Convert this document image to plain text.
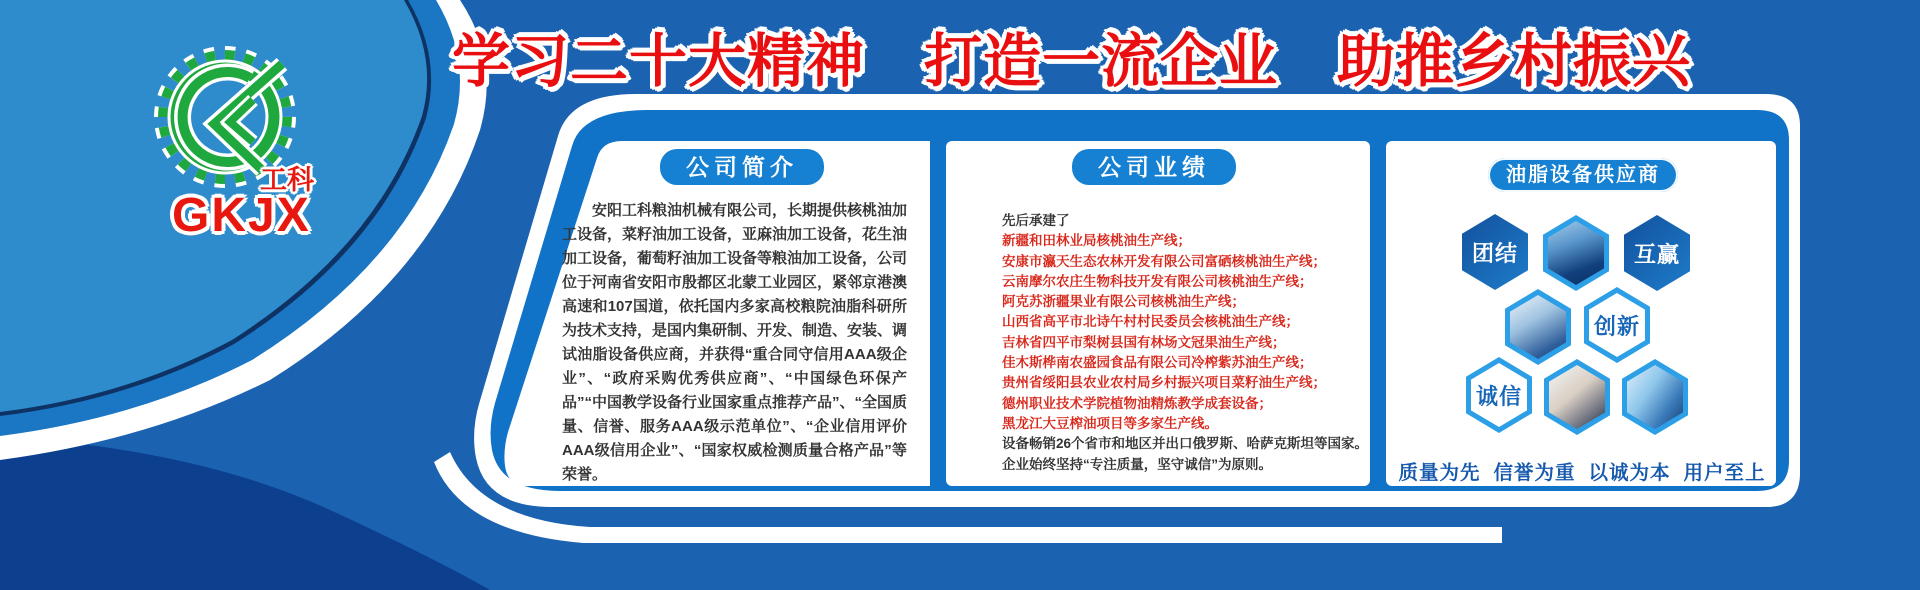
工科
GKJX
学习二十大精神　打造一流企业　助推乡村振兴
公司简介
安阳工科粮油机械有限公司，长期提供核桃油加工设备，菜籽油加工设备，亚麻油加工设备，花生油加工设备，葡萄籽油加工设备等粮油加工设备，公司位于河南省安阳市殷都区北蒙工业园区，紧邻京港澳高速和107国道，依托国内多家高校粮院油脂科研所为技术支持，是国内集研制、开发、制造、安装、调试油脂设备供应商，并获得“重合同守信用AAA级企业”、“政府采购优秀供应商”、“中国绿色环保产品”“中国教学设备行业国家重点推荐产品”、“全国质量、信誉、服务AAA级示范单位”、“企业信用评价AAA级信用企业”、“国家权威检测质量合格产品”等荣誉。
公司业绩
先后承建了
新疆和田林业局核桃油生产线；
安康市瀛天生态农林开发有限公司富硒核桃油生产线；
云南摩尔农庄生物科技开发有限公司核桃油生产线；
阿克苏浙疆果业有限公司核桃油生产线；
山西省高平市北诗午村村民委员会核桃油生产线；
吉林省四平市梨树县国有林场文冠果油生产线；
佳木斯桦南农盛园食品有限公司冷榨紫苏油生产线；
贵州省绥阳县农业农村局乡村振兴项目菜籽油生产线；
德州职业技术学院植物油精炼教学成套设备；
黑龙江大豆榨油项目等多家生产线。
设备畅销26个省市和地区并出口俄罗斯、哈萨克斯坦等国家。
企业始终坚持“专注质量，坚守诚信”为原则。
油脂设备供应商
团结	互赢
创新
诚信
质量为先 信誉为重 以诚为本 用户至上
